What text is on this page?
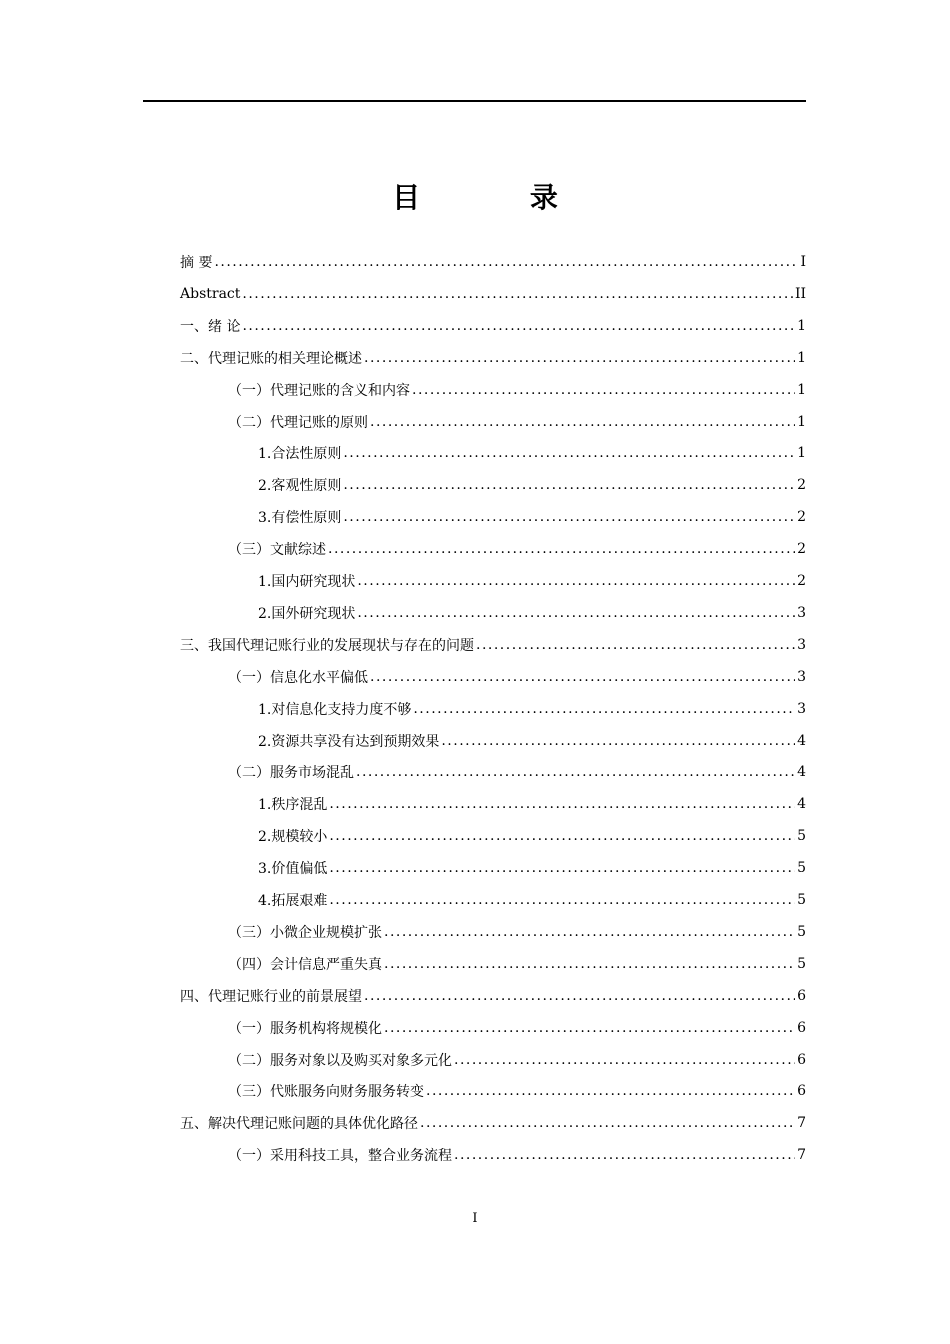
目 录
摘 要 .....	I
Abstract .....	II
一、绪 论 .....	1
二、代理记账的相关理论概述 .....	1
（一）代理记账的含义和内容 .....	1
（二）代理记账的原则 .....	1
1.合法性原则 .....	1
2.客观性原则 .....	2
3.有偿性原则 .....	2
（三）文献综述 .....	2
1.国内研究现状 .....	2
2.国外研究现状 .....	3
三、我国代理记账行业的发展现状与存在的问题 .....	3
（一）信息化水平偏低 .....	3
1.对信息化支持力度不够 .....	3
2.资源共享没有达到预期效果 .....	4
（二）服务市场混乱 .....	4
1.秩序混乱 .....	4
2.规模较小 .....	5
3.价值偏低 .....	5
4.拓展艰难 .....	5
（三）小微企业规模扩张 .....	5
（四）会计信息严重失真 .....	5
四、代理记账行业的前景展望 .....	6
（一）服务机构将规模化 .....	6
（二）服务对象以及购买对象多元化 .....	6
（三）代账服务向财务服务转变 .....	6
五、解决代理记账问题的具体优化路径 .....	7
（一）采用科技工具，整合业务流程 .....	7
I
